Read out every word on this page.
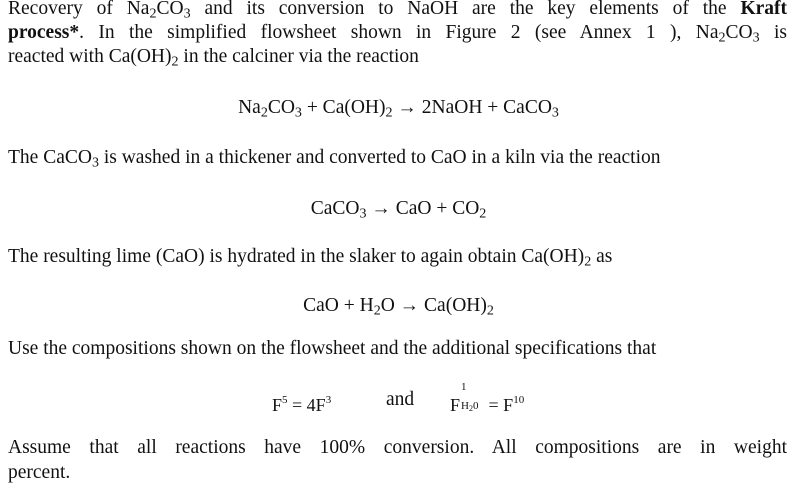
Recovery of $Na_2CO_3$ and its conversion to NaOH are the key elements of the Kraft
process*. In the simplified flowsheet shown in Figure 2 (see Annex 1 ), $Na_2CO_3$ is
reacted with $Ca(OH)_2$ in the calciner via the reaction
$Na_2CO_3 + Ca(OH)_2$ → 2NaOH + CaCO$_3$
The CaCO$_3$ is washed in a thickener and converted to CaO in a kiln via the reaction
CaCO$_3$ → CaO + $CO_2$
The resulting lime (CaO) is hydrated in the slaker to again obtain $Ca(OH)_2$ as
CaO + $H_2O \to Ca(OH)_2$
Use the compositions shown on the flowsheet and the additional specifications that
$F^5 = 4F^3$	and F
1
$H20 = F^{10}$
Assume that all reactions have 100% conversion. All compositions are in weight
percent.
